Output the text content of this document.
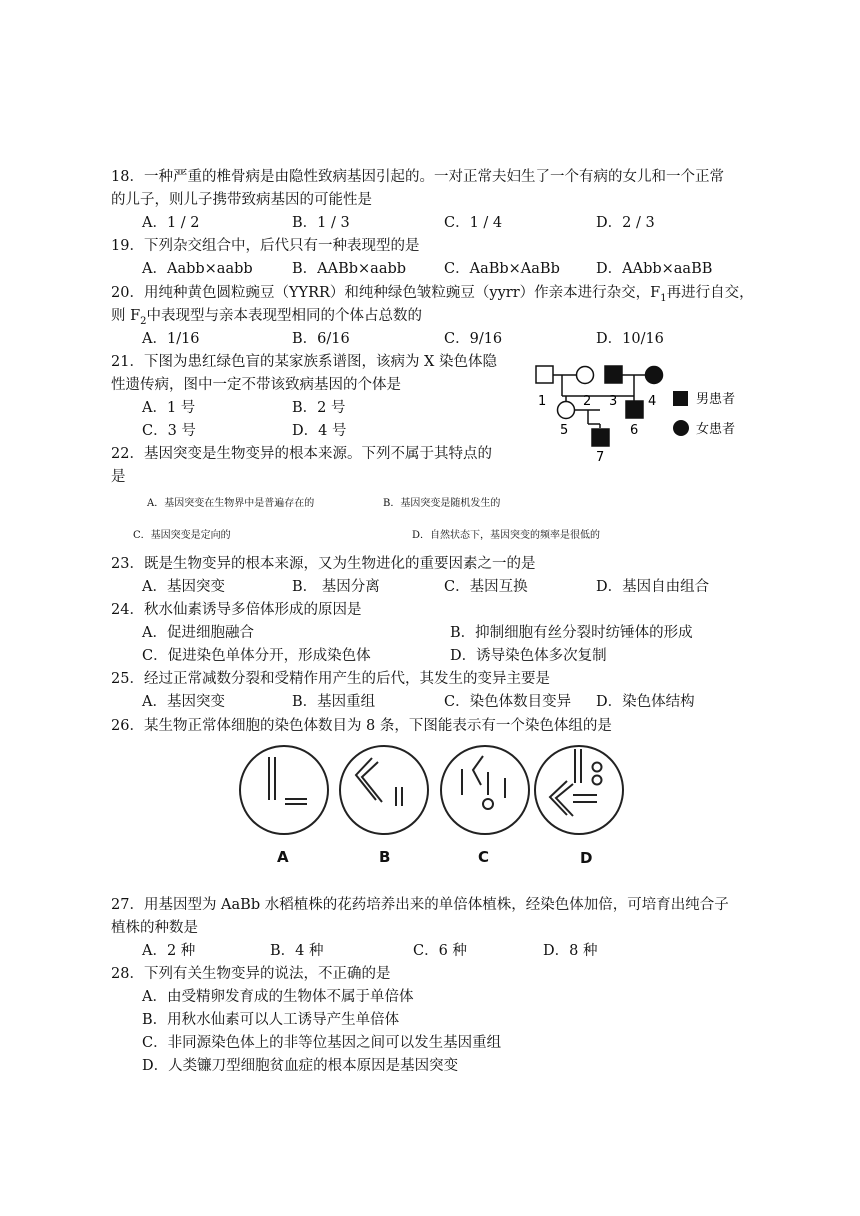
18．一种严重的椎骨病是由隐性致病基因引起的。一对正常夫妇生了一个有病的女儿和一个正常
的儿子，则儿子携带致病基因的可能性是
A．1 / 2	B．1 / 3	C．1 / 4	D．2 / 3
19．下列杂交组合中，后代只有一种表现型的是
A．Aabb×aabb	B．AABb×aabb	C．AaBb×AaBb D．AAbb×aaBB
20．用纯种黄色圆粒豌豆（YYRR）和纯种绿色皱粒豌豆（yyrr）作亲本进行杂交，$F_1$再进行自交，
则 $F_2$中表现型与亲本表现型相同的个体占总数的
A．1/16	B．6/16	C．9/16	D．10/16
21．下图为患红绿色盲的某家族系谱图，该病为 X 染色体隐
性遗传病，图中一定不带该致病基因的个体是
A．1 号	B．2 号
C．3 号	D．4 号
1	2 3 4
5	6
7
男患者
女患者
22．基因突变是生物变异的根本来源。下列不属于其特点的
是
A．基因突变在生物界中是普遍存在的	B．基因突变是随机发生的
C．基因突变是定向的	D．自然状态下，基因突变的频率是很低的
23．既是生物变异的根本来源，又为生物进化的重要因素之一的是
A．基因突变	B． 基因分离	C．基因互换	D．基因自由组合
24．秋水仙素诱导多倍体形成的原因是
A．促进细胞融合	B．抑制细胞有丝分裂时纺锤体的形成
C．促进染色单体分开，形成染色体	D．诱导染色体多次复制
25．经过正常减数分裂和受精作用产生的后代，其发生的变异主要是
A．基因突变	B．基因重组	C．染色体数目变异 D．染色体结构
26．某生物正常体细胞的染色体数目为 8 条，下图能表示有一个染色体组的是
A	B	C	D
27．用基因型为 AaBb 水稻植株的花药培养出来的单倍体植株，经染色体加倍，可培育出纯合子
植株的种数是
A．2 种	B．4 种	C．6 种	D．8 种
28．下列有关生物变异的说法，不正确的是
A．由受精卵发育成的生物体不属于单倍体
B．用秋水仙素可以人工诱导产生单倍体
C．非同源染色体上的非等位基因之间可以发生基因重组
D．人类镰刀型细胞贫血症的根本原因是基因突变
